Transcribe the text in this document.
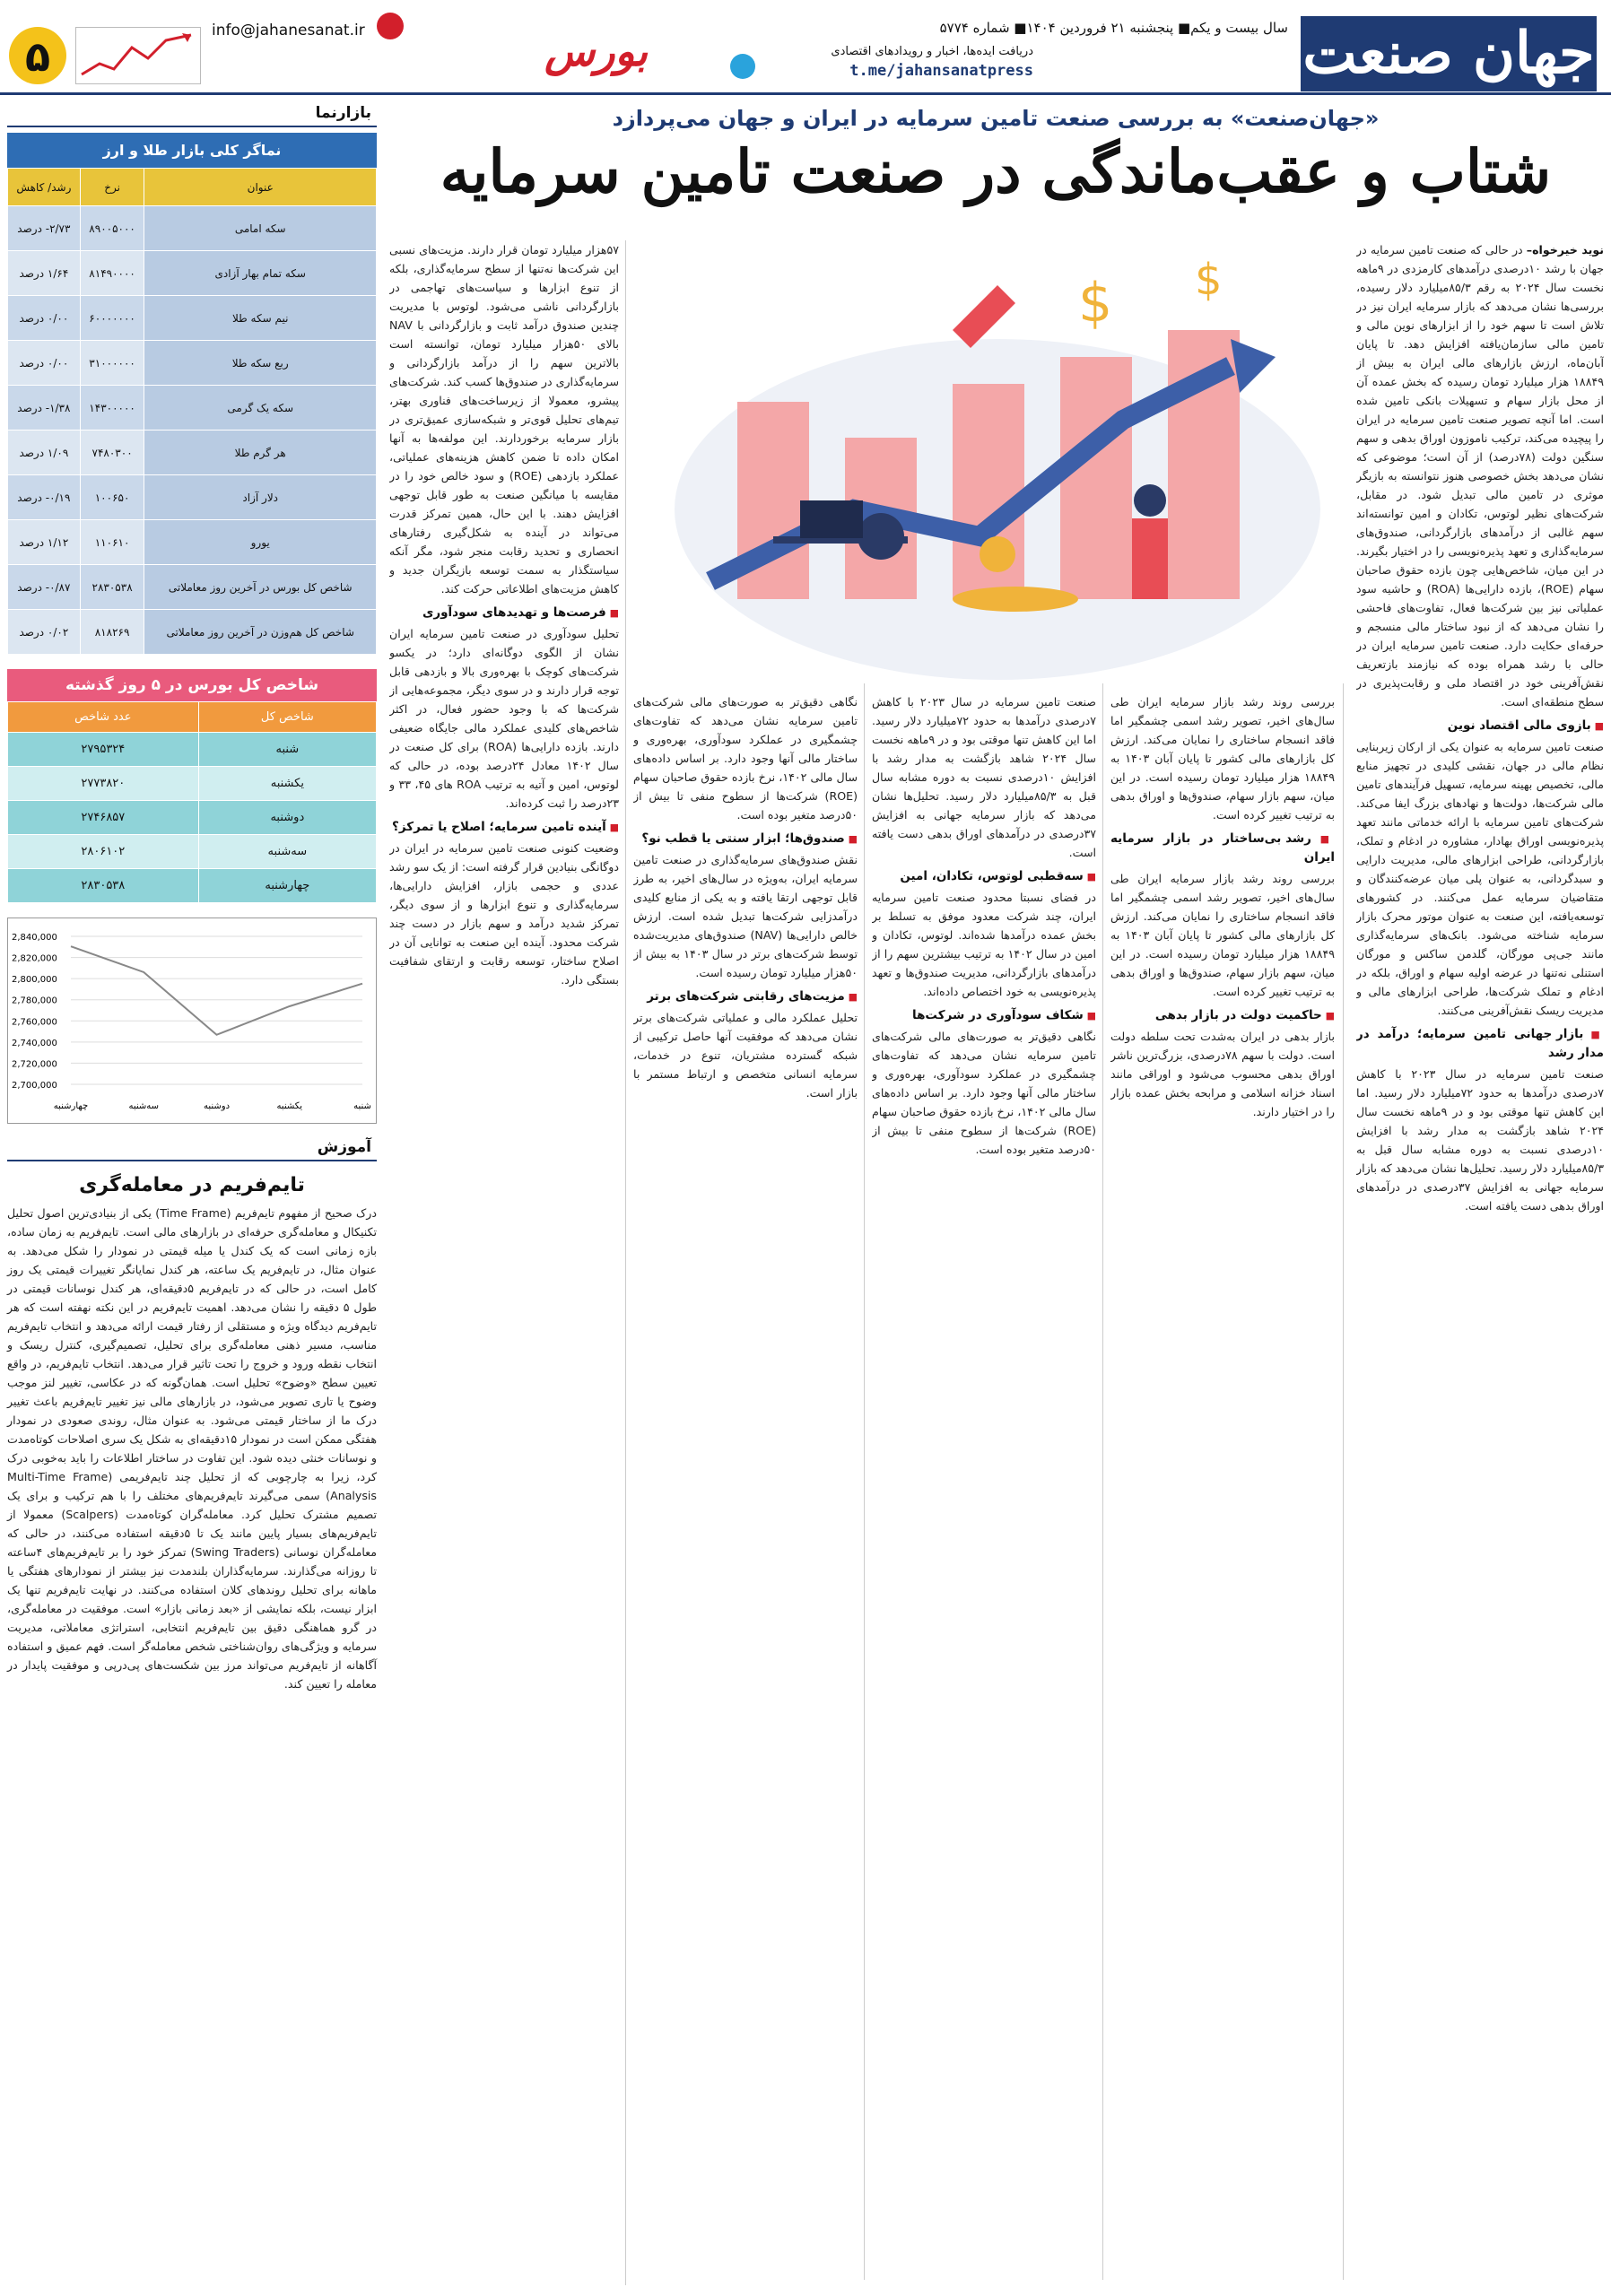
جهان صنعت
سال بیست و یکم■ پنجشنبه ۲۱ فروردین ۱۴۰۴■ شماره ۵۷۷۴
دریافت ایده‌ها، اخبار و رویدادهای اقتصادی
t.me/jahansanatpress
بورس
info@jahanesanat.ir
۵
بازارنما
نماگر کلی بازار طلا و ارز
عنوان	نرخ	رشد/ کاهش
سکه امامی	۸۹۰۰۵۰۰۰	۲/۷۳- درصد
سکه تمام بهار آزادی	۸۱۴۹۰۰۰۰	۱/۶۴ درصد
نیم سکه طلا	۶۰۰۰۰۰۰۰	۰/۰۰ درصد
ربع سکه طلا	۳۱۰۰۰۰۰۰	۰/۰۰ درصد
سکه یک گرمی	۱۴۳۰۰۰۰۰	۱/۳۸- درصد
هر گرم طلا	۷۴۸۰۳۰۰	۱/۰۹ درصد
دلار آزاد	۱۰۰۶۵۰	۰/۱۹- درصد
یورو	۱۱۰۶۱۰	۱/۱۲ درصد
شاخص کل بورس در آخرین روز معاملاتی	۲۸۳۰۵۳۸	۰/۸۷- درصد
شاخص کل هم‌وزن در آخرین روز معاملاتی	۸۱۸۲۶۹	۰/۰۲ درصد
شاخص کل بورس در ۵ روز گذشته
شاخص کل	عدد شاخص
شنبه	۲۷۹۵۳۲۴
یکشنبه	۲۷۷۳۸۲۰
دوشنبه	۲۷۴۶۸۵۷
سه‌شنبه	۲۸۰۶۱۰۲
چهارشنبه	۲۸۳۰۵۳۸
2,700,000
2,720,000
2,740,000
2,760,000
2,780,000
2,800,000
2,820,000
2,840,000
شنبه
یکشنبه
دوشنبه
سه‌شنبه
چهارشنبه
آموزش
تایم‌فریم در معامله‌گری
درک صحیح از مفهوم تایم‌فریم (Time Frame) یکی از بنیادی‌ترین اصول تحلیل تکنیکال و معامله‌گری حرفه‌ای در بازارهای مالی است. تایم‌فریم به زمان ساده، بازه زمانی است که یک کندل یا میله قیمتی در نمودار را شکل می‌دهد. به عنوان مثال، در تایم‌فریم یک ساعته، هر کندل نمایانگر تغییرات قیمتی یک روز کامل است، در حالی که در تایم‌فریم ۵دقیقه‌ای، هر کندل نوسانات قیمتی در طول ۵ دقیقه را نشان می‌دهد. اهمیت تایم‌فریم در این نکته نهفته است که هر تایم‌فریم دیدگاه ویژه و مستقلی از رفتار قیمت ارائه می‌دهد و انتخاب تایم‌فریم مناسب، مسیر ذهنی معامله‌گری برای تحلیل، تصمیم‌گیری، کنترل ریسک و انتخاب نقطه ورود و خروج را تحت تاثیر قرار می‌دهد. انتخاب تایم‌فریم، در واقع تعیین سطح «وضوح» تحلیل است. همان‌گونه که در عکاسی، تغییر لنز موجب وضوح یا تاری تصویر می‌شود، در بازارهای مالی نیز تغییر تایم‌فریم باعث تغییر درک ما از ساختار قیمتی می‌شود. به عنوان مثال، روندی صعودی در نمودار هفتگی ممکن است در نمودار ۱۵دقیقه‌ای به شکل یک سری اصلاحات کوتاه‌مدت و نوسانات خنثی دیده شود. این تفاوت در ساختار اطلاعات را باید به‌خوبی درک کرد، زیرا به چارچوبی که از تحلیل چند تایم‌فریمی (Multi-Time Frame Analysis) سمی می‌گیرند تایم‌فریم‌های مختلف را با هم ترکیب و برای یک تصمیم مشترک تحلیل کرد. معامله‌گران کوتاه‌مدت (Scalpers) معمولا از تایم‌فریم‌های بسیار پایین مانند یک تا ۵دقیقه استفاده می‌کنند، در حالی که معامله‌گران نوسانی (Swing Traders) تمرکز خود را بر تایم‌فریم‌های ۴ساعته تا روزانه می‌گذارند. سرمایه‌گذاران بلندمدت نیز بیشتر از نمودارهای هفتگی یا ماهانه برای تحلیل روندهای کلان استفاده می‌کنند. در نهایت تایم‌فریم تنها یک ابزار نیست، بلکه نمایشی از «بعد زمانی بازار» است. موفقیت در معامله‌گری، در گرو هماهنگی دقیق بین تایم‌فریم انتخابی، استراتژی معاملاتی، مدیریت سرمایه و ویژگی‌های روان‌شناختی شخص معامله‌گر است. فهم عمیق و استفاده آگاهانه از تایم‌فریم می‌تواند مرز بین شکست‌های پی‌درپی و موفقیت پایدار در معامله را تعیین کند.
«جهان‌صنعت» به بررسی صنعت تامین سرمایه در ایران و جهان می‌پردازد
شتاب و عقب‌ماندگی در صنعت تامین سرمایه
نوید خیرخواه– در حالی که صنعت تامین سرمایه در جهان با رشد ۱۰درصدی درآمدهای کارمزدی در ۹ماهه نخست سال ۲۰۲۴ به رقم ۸۵/۳میلیارد دلار رسیده، بررسی‌ها نشان می‌دهد که بازار سرمایه ایران نیز در تلاش است تا سهم خود را از ابزارهای نوین مالی و تامین مالی سازمان‌یافته افزایش دهد. تا پایان آبان‌ماه، ارزش بازارهای مالی ایران به بیش از ۱۸۸۴۹ هزار میلیارد تومان رسیده که بخش عمده آن از محل بازار سهام و تسهیلات بانکی تامین شده است. اما آنچه تصویر صنعت تامین سرمایه در ایران را پیچیده می‌کند، ترکیب ناموزون اوراق بدهی و سهم سنگین دولت (۷۸درصد) از آن است؛ موضوعی که نشان می‌دهد بخش خصوصی هنوز نتوانسته به بازیگر موثری در تامین مالی تبدیل شود. در مقابل، شرکت‌های نظیر لوتوس، تکادان و امین توانسته‌اند سهم غالبی از درآمدهای بازارگردانی، صندوق‌های سرمایه‌گذاری و تعهد پذیره‌نویسی را در اختیار بگیرند. در این میان، شاخص‌هایی چون بازده حقوق صاحبان سهام (ROE)، بازده دارایی‌ها (ROA) و حاشیه سود عملیاتی نیز بین شرکت‌ها فعال، تفاوت‌های فاحشی را نشان می‌دهد که از نبود ساختار مالی منسجم و حرفه‌ای حکایت دارد. صنعت تامین سرمایه ایران در حالی با رشد همراه بوده که نیازمند بازتعریف نقش‌آفرینی خود در اقتصاد ملی و رقابت‌پذیری در سطح منطقه‌ای است.
■ بازوی مالی اقتصاد نوین
صنعت تامین سرمایه به عنوان یکی از ارکان زیربنایی نظام مالی در جهان، نقشی کلیدی در تجهیز منابع مالی، تخصیص بهینه سرمایه، تسهیل فرآیندهای تامین مالی شرکت‌ها، دولت‌ها و نهادهای بزرگ ایفا می‌کند. شرکت‌های تامین سرمایه با ارائه خدماتی مانند تعهد پذیره‌نویسی اوراق بهادار، مشاوره در ادغام و تملک، بازارگردانی، طراحی ابزارهای مالی، مدیریت دارایی و سبدگردانی، به عنوان پلی میان عرضه‌کنندگان و متقاضیان سرمایه عمل می‌کنند. در کشورهای توسعه‌یافته، این صنعت به عنوان موتور محرک بازار سرمایه شناخته می‌شود. بانک‌های سرمایه‌گذاری مانند جی‌پی مورگان، گلدمن ساکس و مورگان استنلی نه‌تنها در عرضه اولیه سهام و اوراق، بلکه در ادغام و تملک شرکت‌ها، طراحی ابزارهای مالی و مدیریت ریسک نقش‌آفرینی می‌کنند.
■ بازار جهانی تامین سرمایه؛ درآمد در مدار رشد
صنعت تامین سرمایه در سال ۲۰۲۳ با کاهش ۷درصدی درآمدها به حدود ۷۲میلیارد دلار رسید. اما این کاهش تنها موقتی بود و در ۹ماهه نخست سال ۲۰۲۴ شاهد بازگشت به مدار رشد با افزایش ۱۰درصدی نسبت به دوره مشابه سال قبل به ۸۵/۳میلیارد دلار رسید. تحلیل‌ها نشان می‌دهد که بازار سرمایه جهانی به افزایش ۳۷درصدی در درآمدهای اوراق بدهی دست یافته است.
$ $
بررسی روند رشد بازار سرمایه ایران طی سال‌های اخیر، تصویر رشد اسمی چشمگیر اما فاقد انسجام ساختاری را نمایان می‌کند. ارزش کل بازارهای مالی کشور تا پایان آبان ۱۴۰۳ به ۱۸۸۴۹ هزار میلیارد تومان رسیده است. در این میان، سهم بازار سهام، صندوق‌ها و اوراق بدهی به ترتیب تغییر کرده است.
■ رشد بی‌ساختار در بازار سرمایه ایران
بررسی روند رشد بازار سرمایه ایران طی سال‌های اخیر، تصویر رشد اسمی چشمگیر اما فاقد انسجام ساختاری را نمایان می‌کند. ارزش کل بازارهای مالی کشور تا پایان آبان ۱۴۰۳ به ۱۸۸۴۹ هزار میلیارد تومان رسیده است. در این میان، سهم بازار سهام، صندوق‌ها و اوراق بدهی به ترتیب تغییر کرده است.
■ حاکمیت دولت در بازار بدهی
بازار بدهی در ایران به‌شدت تحت سلطه دولت است. دولت با سهم ۷۸درصدی، بزرگ‌ترین ناشر اوراق بدهی محسوب می‌شود و اوراقی مانند اسناد خزانه اسلامی و مرابحه بخش عمده بازار را در اختیار دارند.
صنعت تامین سرمایه در سال ۲۰۲۳ با کاهش ۷درصدی درآمدها به حدود ۷۲میلیارد دلار رسید. اما این کاهش تنها موقتی بود و در ۹ماهه نخست سال ۲۰۲۴ شاهد بازگشت به مدار رشد با افزایش ۱۰درصدی نسبت به دوره مشابه سال قبل به ۸۵/۳میلیارد دلار رسید. تحلیل‌ها نشان می‌دهد که بازار سرمایه جهانی به افزایش ۳۷درصدی در درآمدهای اوراق بدهی دست یافته است.
■ سه‌قطبی لوتوس، تکادان، امین
در فضای نسبتا محدود صنعت تامین سرمایه ایران، چند شرکت معدود موفق به تسلط بر بخش عمده درآمدها شده‌اند. لوتوس، تکادان و امین در سال ۱۴۰۲ به ترتیب بیشترین سهم را از درآمدهای بازارگردانی، مدیریت صندوق‌ها و تعهد پذیره‌نویسی به خود اختصاص داده‌اند.
■ شکاف سودآوری در شرکت‌ها
نگاهی دقیق‌تر به صورت‌های مالی شرکت‌های تامین سرمایه نشان می‌دهد که تفاوت‌های چشمگیری در عملکرد سودآوری، بهره‌وری و ساختار مالی آنها وجود دارد. بر اساس داده‌های سال مالی ۱۴۰۲، نرخ بازده حقوق صاحبان سهام (ROE) شرکت‌ها از سطوح منفی تا بیش از ۵۰درصد متغیر بوده است.
نگاهی دقیق‌تر به صورت‌های مالی شرکت‌های تامین سرمایه نشان می‌دهد که تفاوت‌های چشمگیری در عملکرد سودآوری، بهره‌وری و ساختار مالی آنها وجود دارد. بر اساس داده‌های سال مالی ۱۴۰۲، نرخ بازده حقوق صاحبان سهام (ROE) شرکت‌ها از سطوح منفی تا بیش از ۵۰درصد متغیر بوده است.
■ صندوق‌ها؛ ابزار سنتی یا قطب نو؟
نقش صندوق‌های سرمایه‌گذاری در صنعت تامین سرمایه ایران، به‌ویژه در سال‌های اخیر، به طرز قابل توجهی ارتقا یافته و به یکی از منابع کلیدی درآمدزایی شرکت‌ها تبدیل شده است. ارزش خالص دارایی‌ها (NAV) صندوق‌های مدیریت‌شده توسط شرکت‌های برتر در سال ۱۴۰۳ به بیش از ۵۰هزار میلیارد تومان رسیده است.
■ مزیت‌های رقابتی شرکت‌های برتر
تحلیل عملکرد مالی و عملیاتی شرکت‌های برتر نشان می‌دهد که موفقیت آنها حاصل ترکیبی از شبکه گسترده مشتریان، تنوع در خدمات، سرمایه انسانی متخصص و ارتباط مستمر با بازار است.
۵۷هزار میلیارد تومان قرار دارند. مزیت‌های نسبی این شرکت‌ها نه‌تنها از سطح سرمایه‌گذاری، بلکه از تنوع ابزارها و سیاست‌های تهاجمی در بازارگردانی ناشی می‌شود. لوتوس با مدیریت چندین صندوق درآمد ثابت و بازارگردانی با NAV بالای ۵۰هزار میلیارد تومان، توانسته است بالاترین سهم را از درآمد بازارگردانی و سرمایه‌گذاری در صندوق‌ها کسب کند. شرکت‌های پیشرو، معمولا از زیرساخت‌های فناوری بهتر، تیم‌های تحلیل قوی‌تر و شبکه‌سازی عمیق‌تری در بازار سرمایه برخوردارند. این مولفه‌ها به آنها امکان داده تا ضمن کاهش هزینه‌های عملیاتی، عملکرد بازدهی (ROE) و سود خالص خود را در مقایسه با میانگین صنعت به طور قابل توجهی افزایش دهند. با این حال، همین تمرکز قدرت می‌تواند در آینده به شکل‌گیری رفتارهای انحصاری و تحدید رقابت منجر شود، مگر آنکه سیاستگذار به سمت توسعه بازیگران جدید و کاهش مزیت‌های اطلاعاتی حرکت کند.
■ فرصت‌ها و تهدیدهای سودآوری
تحلیل سودآوری در صنعت تامین سرمایه ایران نشان از الگوی دوگانه‌ای دارد؛ در یکسو شرکت‌های کوچک با بهره‌وری بالا و بازدهی قابل توجه قرار دارند و در سوی دیگر، مجموعه‌هایی از شرکت‌ها که با وجود حضور فعال، در اکثر شاخص‌های کلیدی عملکرد مالی جایگاه ضعیفی دارند. بازده دارایی‌ها (ROA) برای کل صنعت در سال ۱۴۰۲ معادل ۲۴درصد بوده، در حالی که لوتوس، امین و آتیه به ترتیب ROA های ۴۵، ۳۳ و ۲۳درصد را ثبت کرده‌اند.
■ آینده تامین سرمایه؛ اصلاح یا تمرکز؟
وضعیت کنونی صنعت تامین سرمایه در ایران در دوگانگی بنیادین قرار گرفته است: از یک سو رشد عددی و حجمی بازار، افزایش دارایی‌ها، سرمایه‌گذاری و تنوع ابزارها و از سوی دیگر، تمرکز شدید درآمد و سهم بازار در دست چند شرکت محدود. آینده این صنعت به توانایی آن در اصلاح ساختار، توسعه رقابت و ارتقای شفافیت بستگی دارد.
